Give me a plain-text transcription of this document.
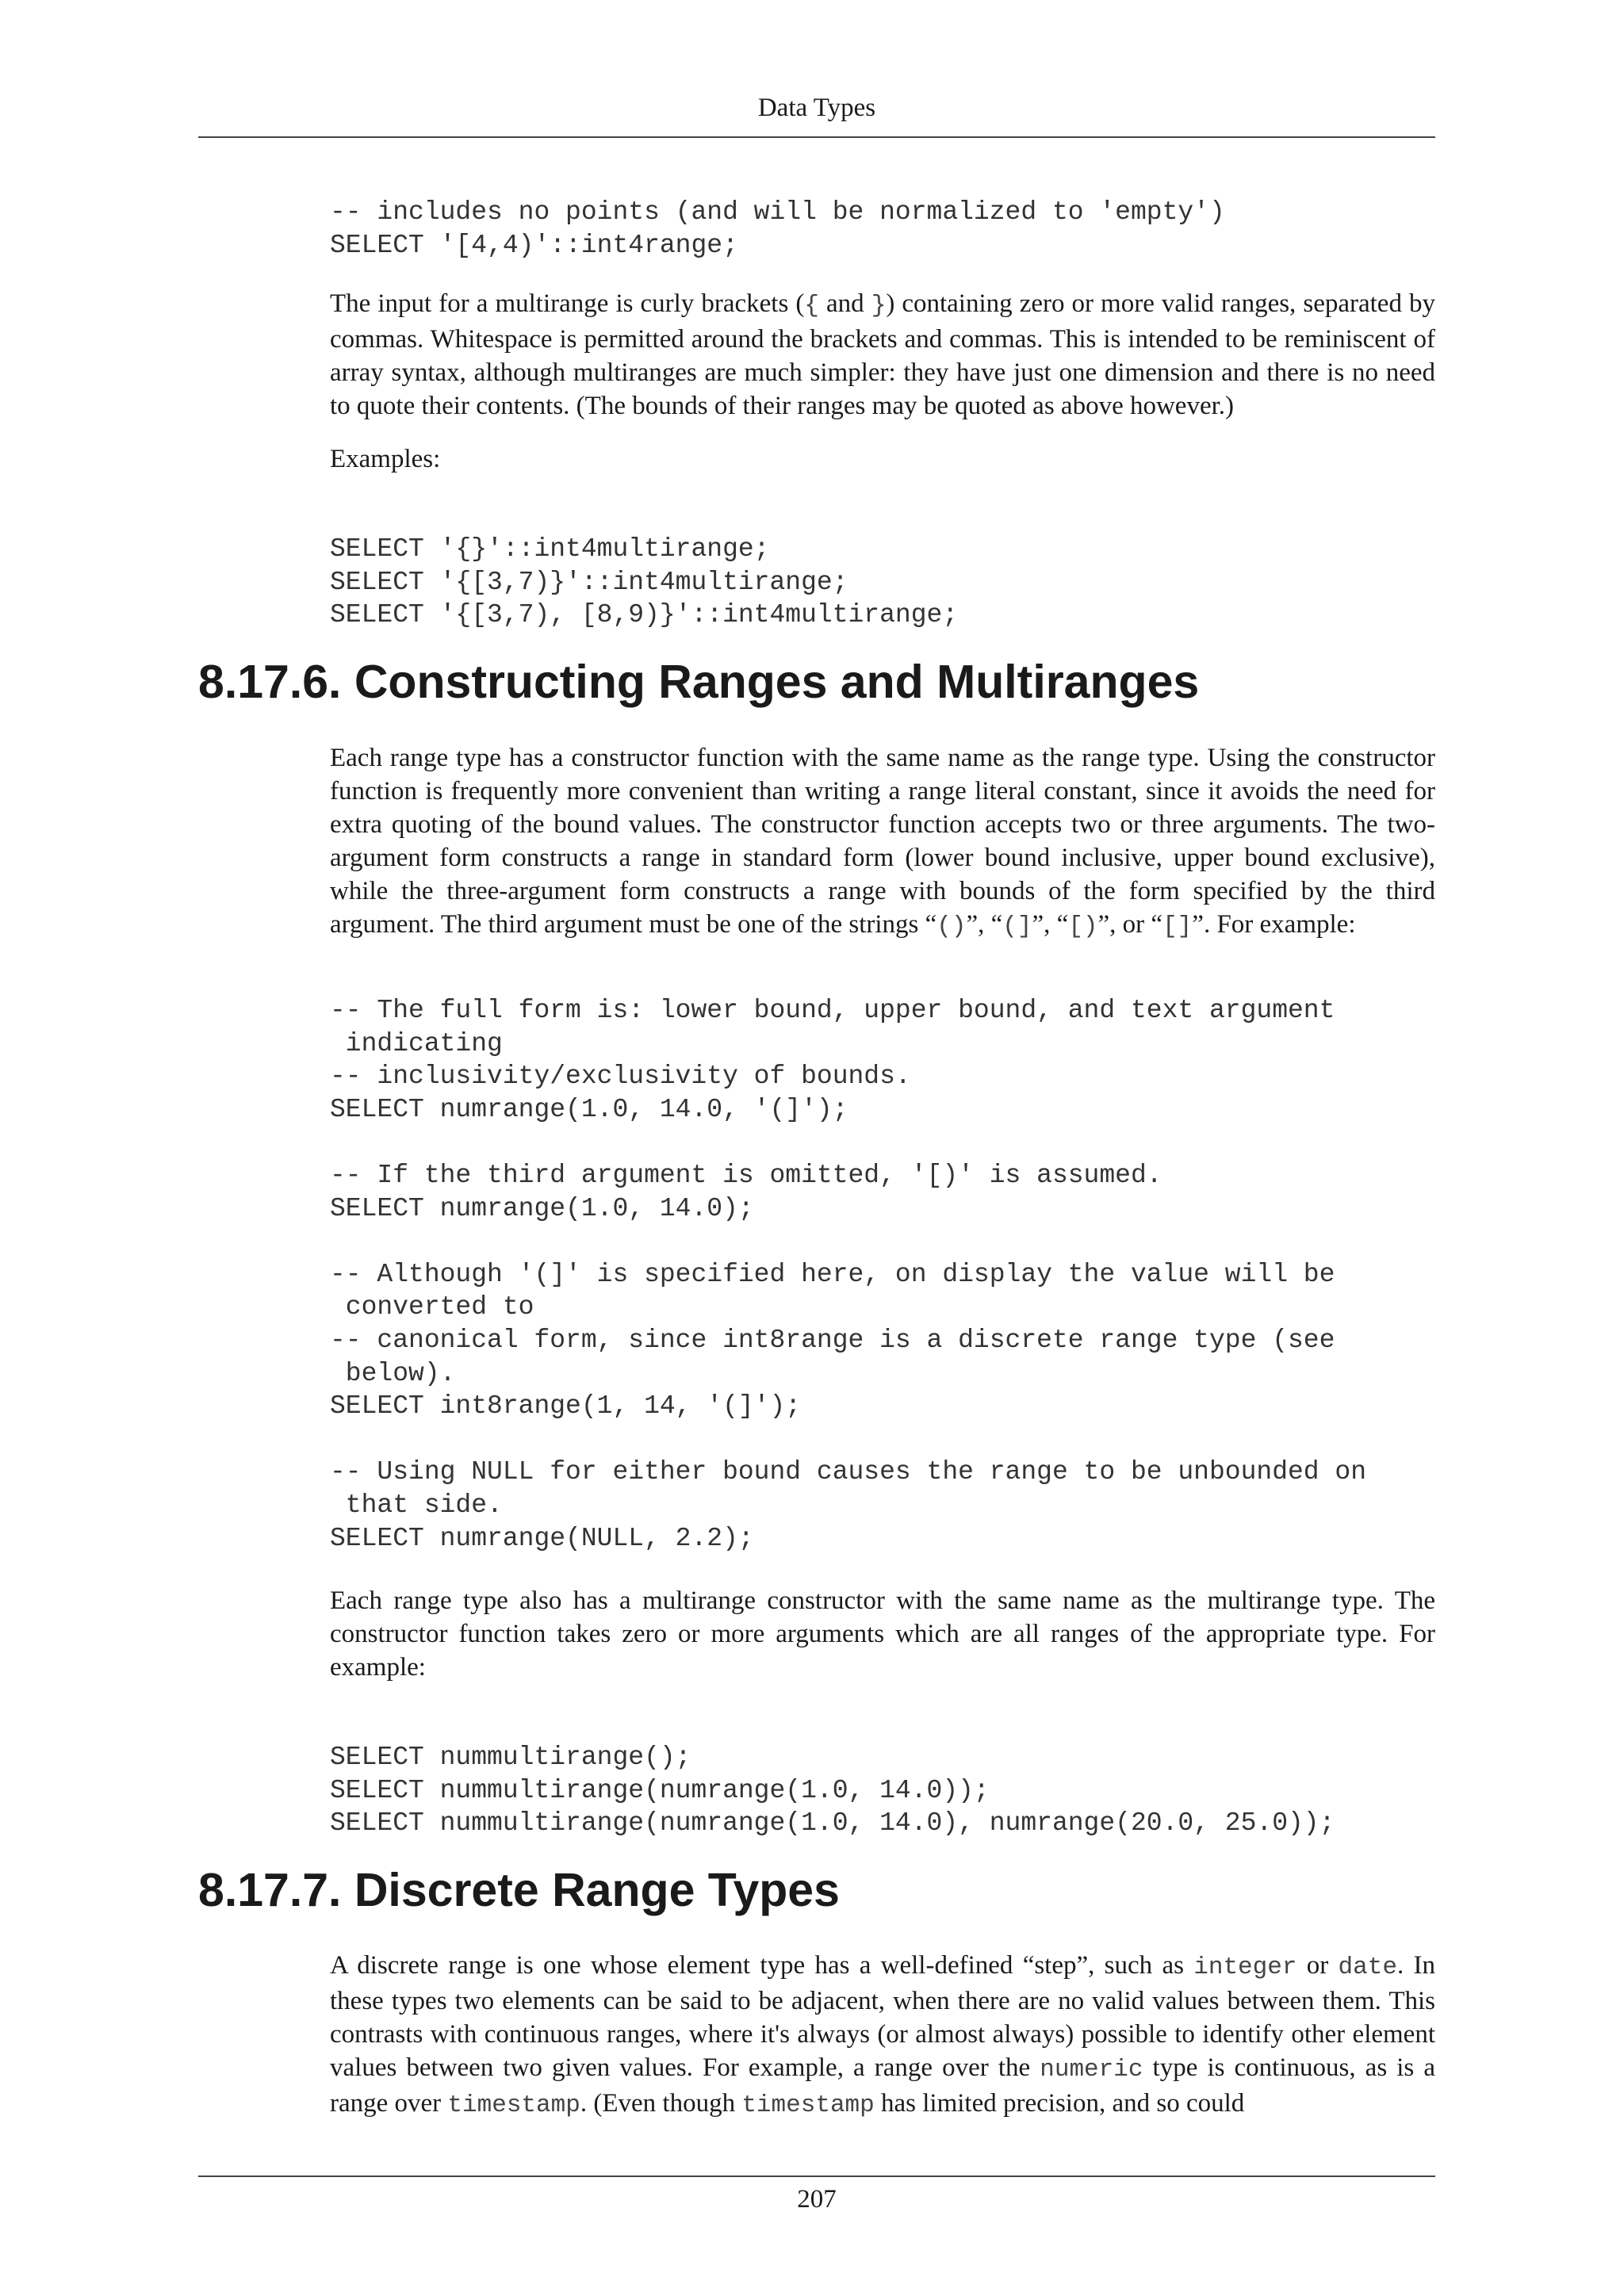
Data Types
-- includes no points (and will be normalized to 'empty')
SELECT '[4,4)'::int4range;

The input for a multirange is curly brackets ({ and }) containing zero or more valid ranges, separated by commas. Whitespace is permitted around the brackets and commas. This is intended to be reminiscent of array syntax, although multiranges are much simpler: they have just one dimension and there is no need to quote their contents. (The bounds of their ranges may be quoted as above however.)

Examples:

SELECT '{}'::int4multirange;
SELECT '{[3,7)}'::int4multirange;
SELECT '{[3,7), [8,9)}'::int4multirange;
8.17.6. Constructing Ranges and Multiranges

Each range type has a constructor function with the same name as the range type. Using the constructor function is frequently more convenient than writing a range literal constant, since it avoids the need for extra quoting of the bound values. The constructor function accepts two or three arguments. The two-argument form constructs a range in standard form (lower bound inclusive, upper bound exclusive), while the three-argument form constructs a range with bounds of the form specified by the third argument. The third argument must be one of the strings “()”, “(]”, “[)”, or “[]”. For example:

-- The full form is: lower bound, upper bound, and text argument
indicating
-- inclusivity/exclusivity of bounds.
SELECT numrange(1.0, 14.0, '(]');

-- If the third argument is omitted, '[)' is assumed.
SELECT numrange(1.0, 14.0);

-- Although '(]' is specified here, on display the value will be
converted to
-- canonical form, since int8range is a discrete range type (see
below).
SELECT int8range(1, 14, '(]');

-- Using NULL for either bound causes the range to be unbounded on
that side.
SELECT numrange(NULL, 2.2);

Each range type also has a multirange constructor with the same name as the multirange type. The constructor function takes zero or more arguments which are all ranges of the appropriate type. For example:

SELECT nummultirange();
SELECT nummultirange(numrange(1.0, 14.0));
SELECT nummultirange(numrange(1.0, 14.0), numrange(20.0, 25.0));
8.17.7. Discrete Range Types

A discrete range is one whose element type has a well-defined “step”, such as integer or date. In these types two elements can be said to be adjacent, when there are no valid values between them. This contrasts with continuous ranges, where it's always (or almost always) possible to identify other element values between two given values. For example, a range over the numeric type is continuous, as is a range over timestamp. (Even though timestamp has limited precision, and so could

207
